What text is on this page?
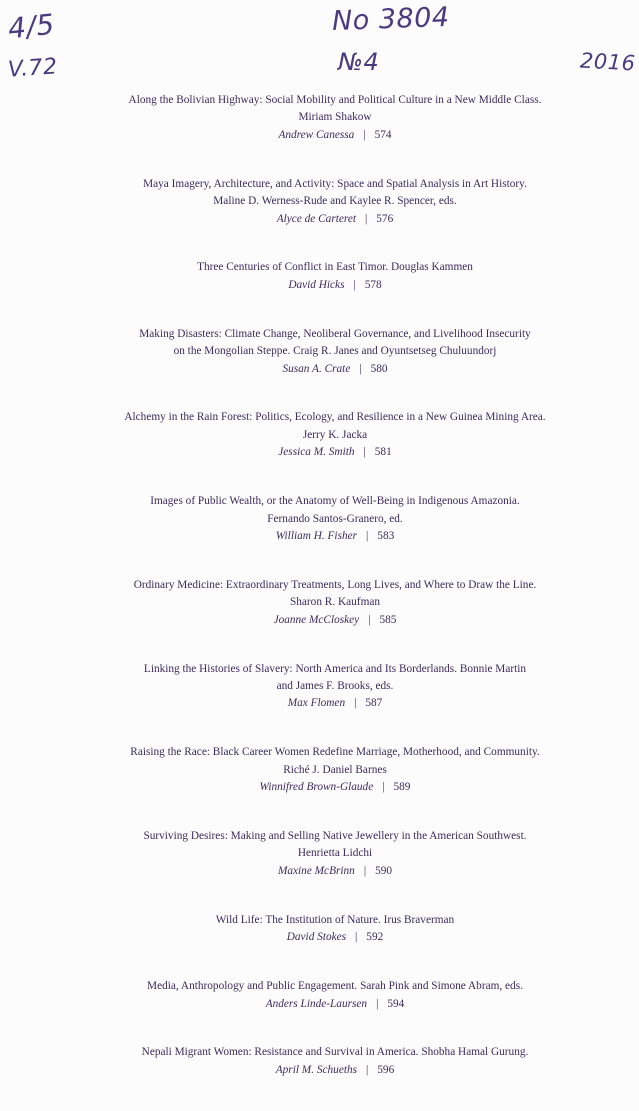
4/5
V.72
No 3804
№4	2016
Along the Bolivian Highway: Social Mobility and Political Culture in a New Middle Class.
Miriam Shakow
Andrew Canessa | 574
Maya Imagery, Architecture, and Activity: Space and Spatial Analysis in Art History.
Maline D. Werness-Rude and Kaylee R. Spencer, eds.
Alyce de Carteret | 576
Three Centuries of Conflict in East Timor. Douglas Kammen
David Hicks | 578
Making Disasters: Climate Change, Neoliberal Governance, and Livelihood Insecurity
on the Mongolian Steppe. Craig R. Janes and Oyuntsetseg Chuluundorj
Susan A. Crate | 580
Alchemy in the Rain Forest: Politics, Ecology, and Resilience in a New Guinea Mining Area.
Jerry K. Jacka
Jessica M. Smith | 581
Images of Public Wealth, or the Anatomy of Well-Being in Indigenous Amazonia.
Fernando Santos-Granero, ed.
William H. Fisher | 583
Ordinary Medicine: Extraordinary Treatments, Long Lives, and Where to Draw the Line.
Sharon R. Kaufman
Joanne McCloskey | 585
Linking the Histories of Slavery: North America and Its Borderlands. Bonnie Martin
and James F. Brooks, eds.
Max Flomen | 587
Raising the Race: Black Career Women Redefine Marriage, Motherhood, and Community.
Riché J. Daniel Barnes
Winnifred Brown-Glaude | 589
Surviving Desires: Making and Selling Native Jewellery in the American Southwest.
Henrietta Lidchi
Maxine McBrinn | 590
Wild Life: The Institution of Nature. Irus Braverman
David Stokes | 592
Media, Anthropology and Public Engagement. Sarah Pink and Simone Abram, eds.
Anders Linde-Laursen | 594
Nepali Migrant Women: Resistance and Survival in America. Shobha Hamal Gurung.
April M. Schueths | 596
